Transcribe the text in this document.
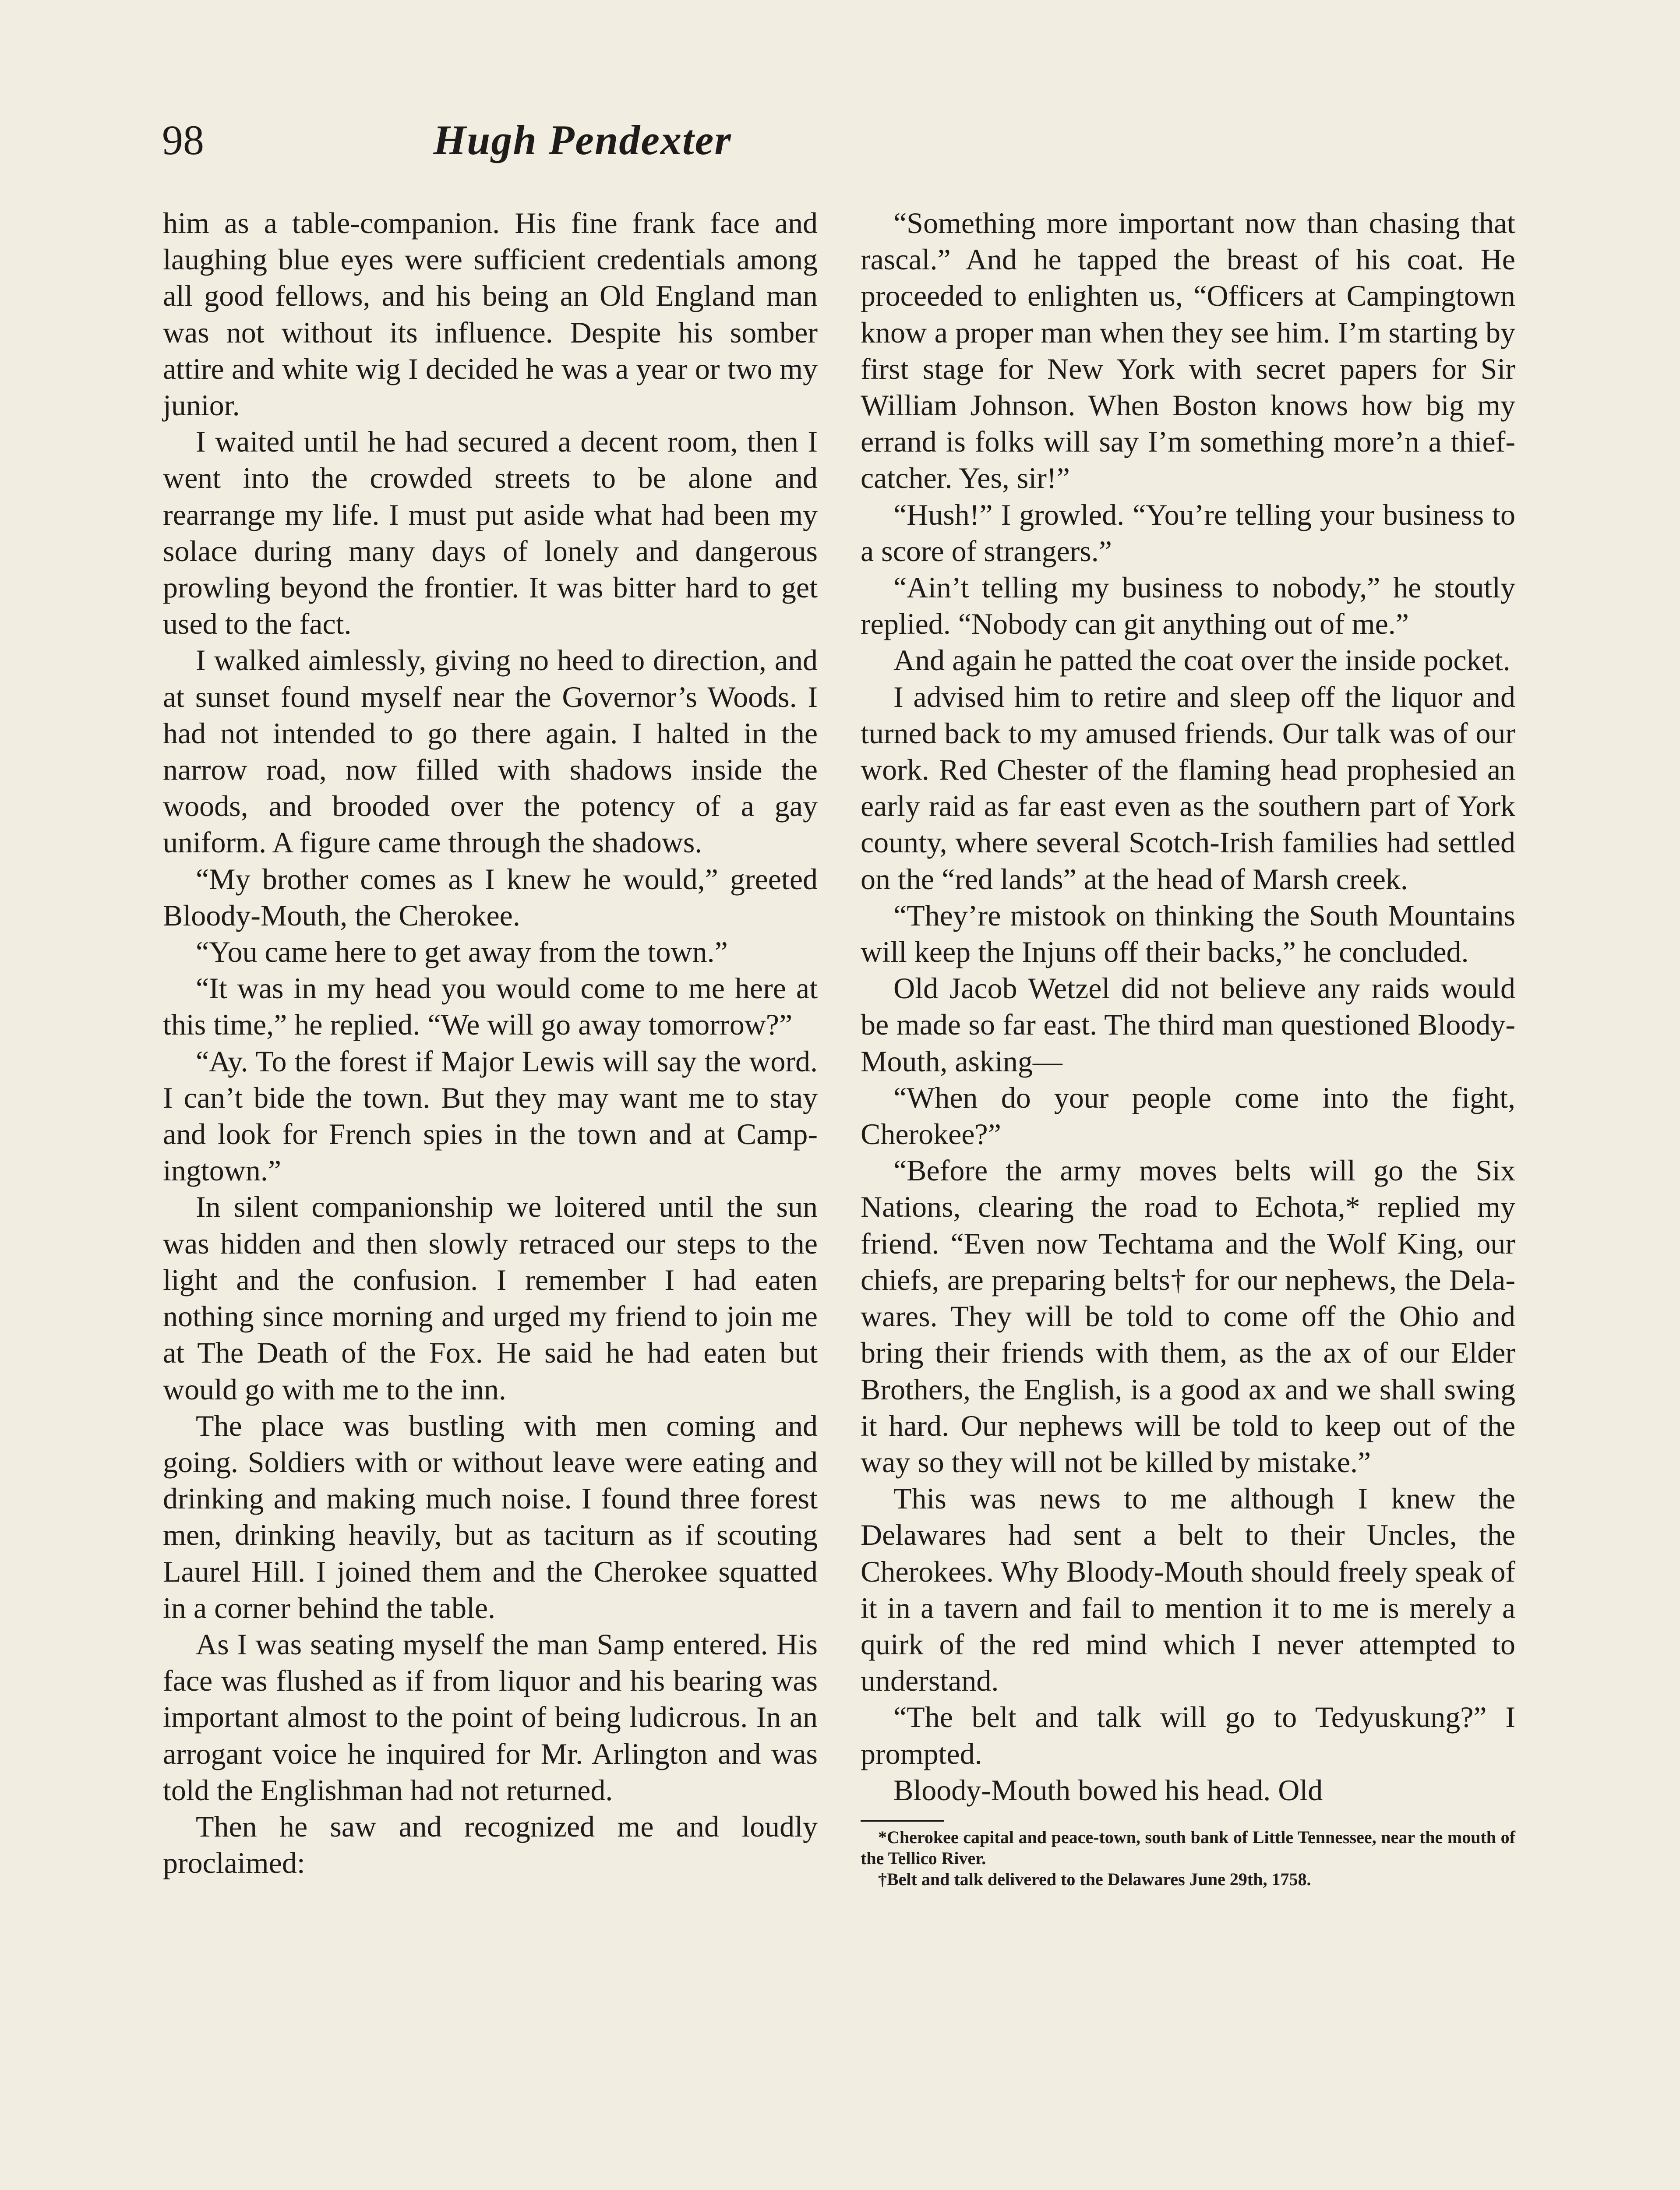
98	Hugh Pendexter

him as a table-companion. His fine frank face and laughing blue eyes were sufficient credentials among all good fellows, and his being an Old England man was not without its influence. Despite his somber attire and white wig I decided he was a year or two my junior.

I waited until he had secured a decent room, then I went into the crowded streets to be alone and rearrange my life. I must put aside what had been my solace during many days of lonely and dangerous prowling beyond the frontier. It was bitter hard to get used to the fact.

I walked aimlessly, giving no heed to direction, and at sunset found myself near the Governor’s Woods. I had not intended to go there again. I halted in the narrow road, now filled with shadows inside the woods, and brooded over the potency of a gay uniform. A figure came through the shadows.

“My brother comes as I knew he would,” greeted Bloody-Mouth, the Cherokee.

“You came here to get away from the town.”

“It was in my head you would come to me here at this time,” he replied. “We will go away tomorrow?”

“Ay. To the forest if Major Lewis will say the word. I can’t bide the town. But they may want me to stay and look for French spies in the town and at Campingtown.”

In silent companionship we loitered until the sun was hidden and then slowly retraced our steps to the light and the confusion. I remember I had eaten nothing since morning and urged my friend to join me at The Death of the Fox. He said he had eaten but would go with me to the inn.

The place was bustling with men coming and going. Soldiers with or without leave were eating and drinking and making much noise. I found three forest men, drinking heavily, but as taciturn as if scouting Laurel Hill. I joined them and the Cherokee squatted in a corner behind the table.

As I was seating myself the man Samp entered. His face was flushed as if from liquor and his bearing was important almost to the point of being ludicrous. In an arrogant voice he inquired for Mr. Arlington and was told the Englishman had not returned.

Then he saw and recognized me and loudly proclaimed:

“Something more important now than chasing that rascal.” And he tapped the breast of his coat. He proceeded to enlighten us, “Officers at Campingtown know a proper man when they see him. I’m starting by first stage for New York with secret papers for Sir William Johnson. When Boston knows how big my errand is folks will say I’m something more’n a thief-catcher. Yes, sir!”

“Hush!” I growled. “You’re telling your business to a score of strangers.”

“Ain’t telling my business to nobody,” he stoutly replied. “Nobody can git anything out of me.”

And again he patted the coat over the inside pocket.

I advised him to retire and sleep off the liquor and turned back to my amused friends. Our talk was of our work. Red Chester of the flaming head prophesied an early raid as far east even as the southern part of York county, where several Scotch-Irish families had settled on the “red lands” at the head of Marsh creek.

“They’re mistook on thinking the South Mountains will keep the Injuns off their backs,” he concluded.

Old Jacob Wetzel did not believe any raids would be made so far east. The third man questioned Bloody-Mouth, asking—

“When do your people come into the fight, Cherokee?”

“Before the army moves belts will go the Six Nations, clearing the road to Echota,* replied my friend. “Even now Techtama and the Wolf King, our chiefs, are preparing belts† for our nephews, the Delawares. They will be told to come off the Ohio and bring their friends with them, as the ax of our Elder Brothers, the English, is a good ax and we shall swing it hard. Our nephews will be told to keep out of the way so they will not be killed by mistake.”

This was news to me although I knew the Delawares had sent a belt to their Uncles, the Cherokees. Why Bloody-Mouth should freely speak of it in a tavern and fail to mention it to me is merely a quirk of the red mind which I never attempted to understand.

“The belt and talk will go to Tedyuskung?” I prompted.

Bloody-Mouth bowed his head. Old

*Cherokee capital and peace-town, south bank of Little Tennessee, near the mouth of the Tellico River.

†Belt and talk delivered to the Delawares June 29th, 1758.
